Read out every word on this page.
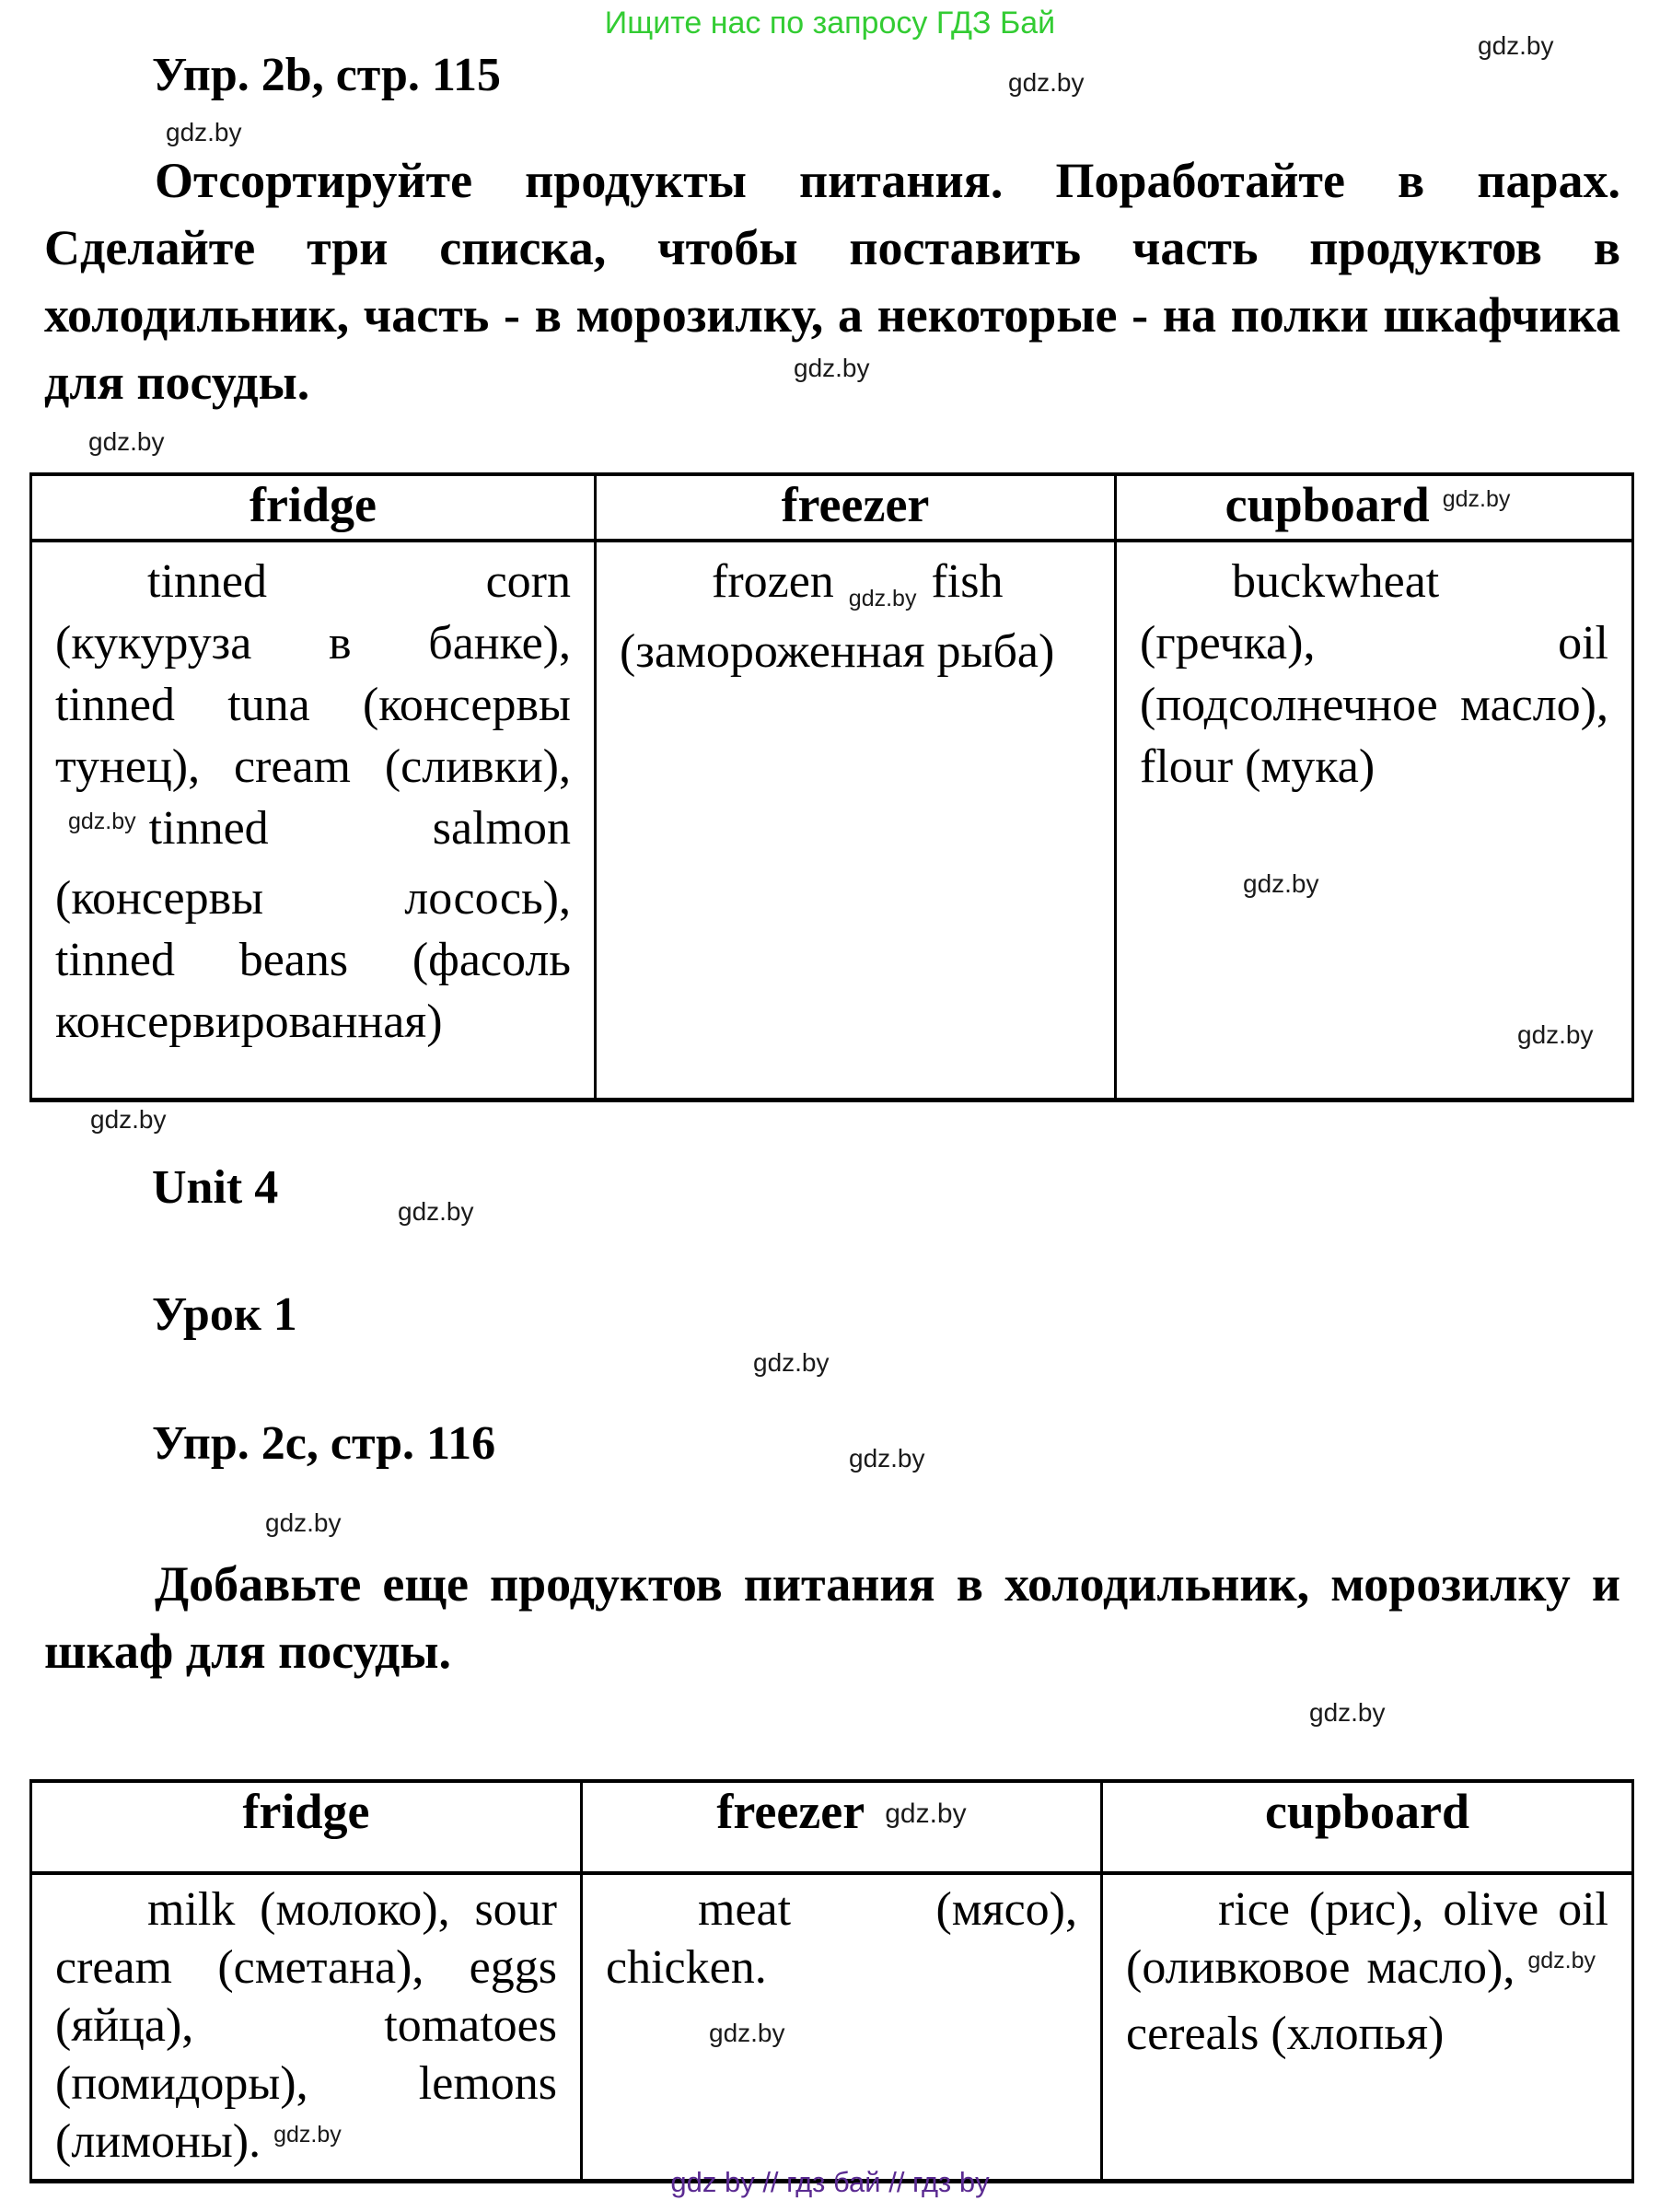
Ищите нас по запросу ГДЗ Бай
gdz.by
gdz.by
gdz.by
gdz.by
gdz.by
gdz.by
gdz.by
gdz.by
gdz.by
gdz.by
gdz.by
gdz.by
gdz.by
gdz.by
Упр. 2b, стр. 115
Отсортируйте продукты питания. Поработайте в парах. Сделайте три списка, чтобы поставить часть продуктов в холодильник, часть - в морозилку, а некоторые - на полки шкафчика для посуды.
fridge	freezer	cupboard gdz.by

tinned corn (кукуруза в банке), tinned tuna (консервы тунец), cream (сливки),gdz.by tinned salmon (консервы лосось), tinned beans (фасоль консервированная)	frozen gdz.by fish (замороженная рыба)	buckwheat (гречка), oil (подсолнечное масло), flour (мука)
Unit 4
Урок 1
Упр. 2c, стр. 116
Добавьте еще продуктов питания в холодильник, морозилку и шкаф для посуды.
fridge	freezer gdz.by	cupboard

milk (молоко), sour cream (сметана), eggs (яйца), tomatoes (помидоры), lemons (лимоны). gdz.by	meat (мясо), chicken.	rice (рис), olive oil (оливковое масло), gdz.bycereals (хлопья)
gdz by // гдз бай // гдз by
